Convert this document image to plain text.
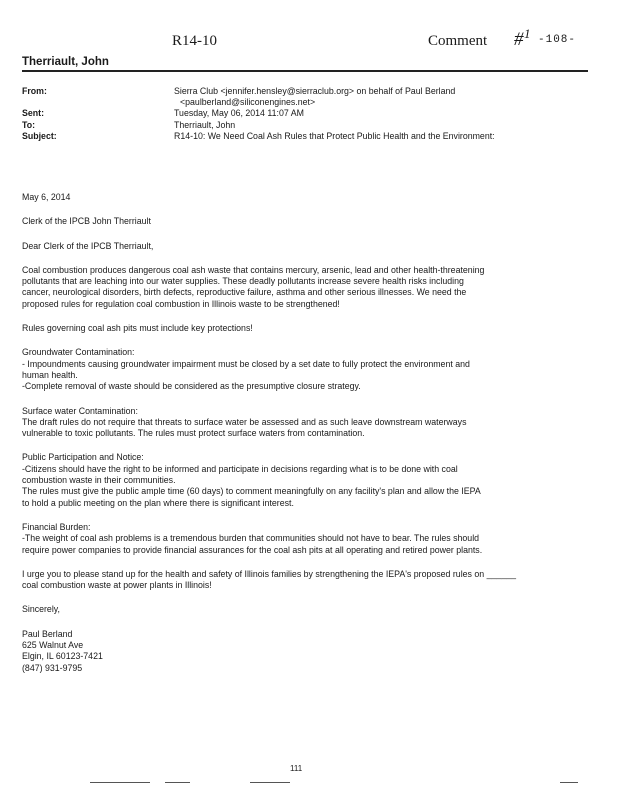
R14-10	Comment # 1 -108-
Therriault, John
From:	Sierra Club <jennifer.hensley@sierraclub.org> on behalf of Paul Berland
<paulberland@siliconengines.net>
Sent:	Tuesday, May 06, 2014 11:07 AM
To:	Therriault, John
Subject:	R14-10: We Need Coal Ash Rules that Protect Public Health and the Environment:

May 6, 2014

Clerk of the IPCB John Therriault

Dear Clerk of the IPCB Therriault,

Coal combustion produces dangerous coal ash waste that contains mercury, arsenic, lead and other health-threatening

pollutants that are leaching into our water supplies. These deadly pollutants increase severe health risks including

cancer, neurological disorders, birth defects, reproductive failure, asthma and other serious illnesses. We need the

proposed rules for regulation coal combustion in Illinois waste to be strengthened!

Rules governing coal ash pits must include key protections!

Groundwater Contamination:

- Impoundments causing groundwater impairment must be closed by a set date to fully protect the environment and

human health.

-Complete removal of waste should be considered as the presumptive closure strategy.

Surface water Contamination:

The draft rules do not require that threats to surface water be assessed and as such leave downstream waterways

vulnerable to toxic pollutants. The rules must protect surface waters from contamination.

Public Participation and Notice:

-Citizens should have the right to be informed and participate in decisions regarding what is to be done with coal

combustion waste in their communities.

The rules must give the public ample time (60 days) to comment meaningfully on any facility's plan and allow the IEPA

to hold a public meeting on the plan where there is significant interest.

Financial Burden:

-The weight of coal ash problems is a tremendous burden that communities should not have to bear. The rules should

require power companies to provide financial assurances for the coal ash pits at all operating and retired power plants.

I urge you to please stand up for the health and safety of Illinois families by strengthening the IEPA's proposed rules on ______

coal combustion waste at power plants in Illinois!

Sincerely,

Paul Berland

625 Walnut Ave

Elgin, IL 60123-7421

(847) 931-9795

111
